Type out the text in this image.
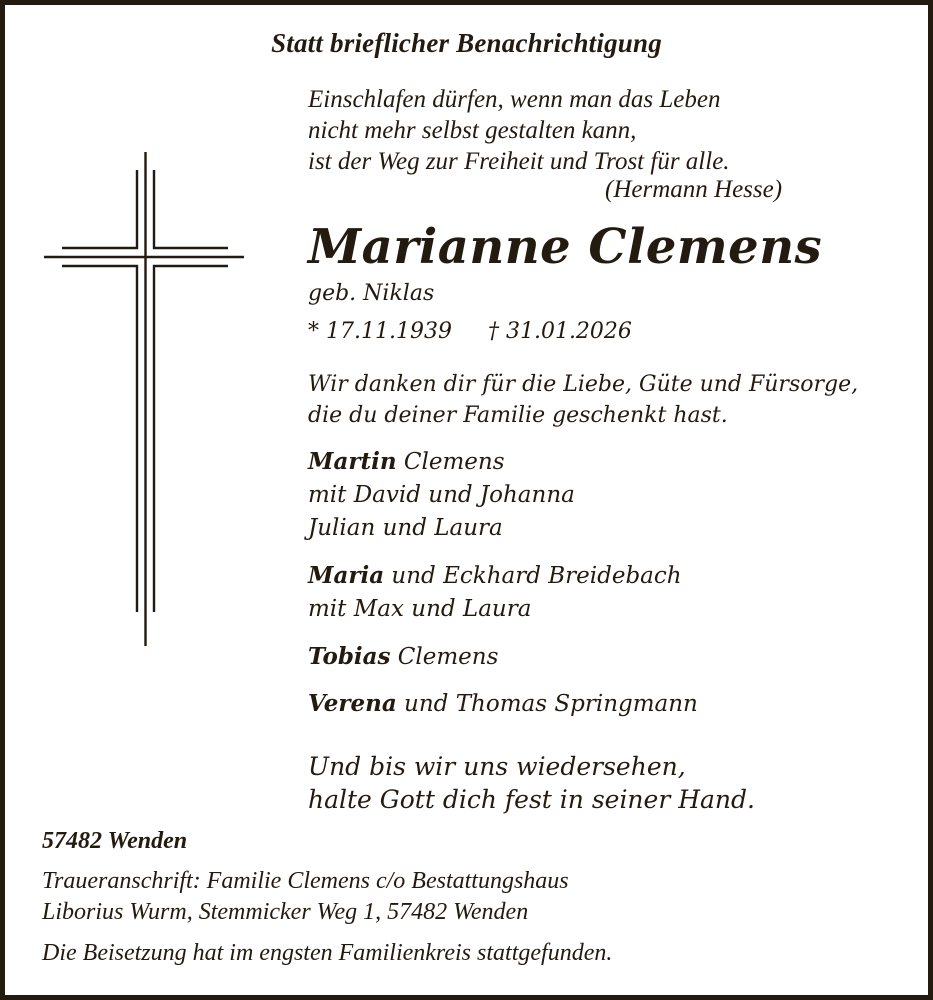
Statt brieflicher Benachrichtigung

Einschlafen dürfen, wenn man das Leben
nicht mehr selbst gestalten kann,
ist der Weg zur Freiheit und Trost für alle.
(Hermann Hesse)
Marianne Clemens
geb. Niklas
* 17.11.1939 † 31.01.2026
Wir danken dir für die Liebe, Güte und Fürsorge,
die du deiner Familie geschenkt hast.
Martin Clemens
mit David und Johanna
Julian und Laura
Maria und Eckhard Breidebach
mit Max und Laura
Tobias Clemens
Verena und Thomas Springmann
Und bis wir uns wiedersehen,
halte Gott dich fest in seiner Hand.
57482 Wenden
Traueranschrift: Familie Clemens c/o Bestattungshaus
Liborius Wurm, Stemmicker Weg 1, 57482 Wenden
Die Beisetzung hat im engsten Familienkreis stattgefunden.
